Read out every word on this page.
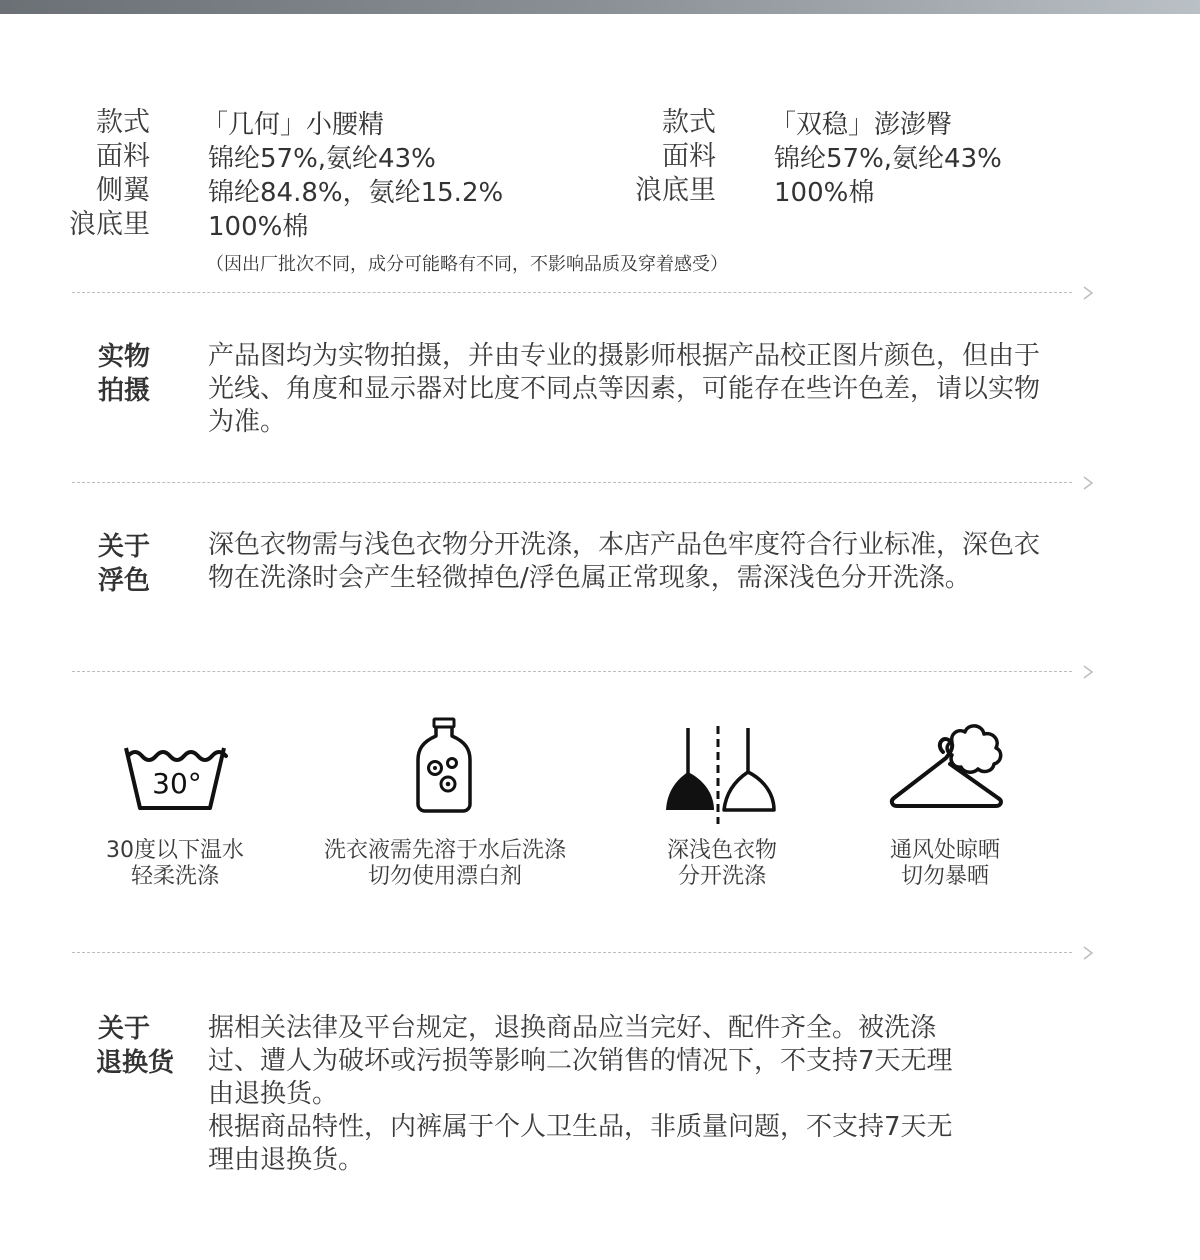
款式
面料
侧翼
浪底里
「几何」小腰精
锦纶57%,氨纶43%
锦纶84.8%，氨纶15.2%
100%棉
款式
面料
浪底里
「双稳」澎澎臀
锦纶57%,氨纶43%
100%棉
（因出厂批次不同，成分可能略有不同，不影响品质及穿着感受）
实物
拍摄
产品图均为实物拍摄，并由专业的摄影师根据产品校正图片颜色，但由于光线、角度和显示器对比度不同点等因素，可能存在些许色差，请以实物为准。
关于
浮色
深色衣物需与浅色衣物分开洗涤，本店产品色牢度符合行业标准，深色衣物在洗涤时会产生轻微掉色/浮色属正常现象，需深浅色分开洗涤。
30°
30度以下温水
轻柔洗涤
洗衣液需先溶于水后洗涤
切勿使用漂白剂
深浅色衣物
分开洗涤
通风处晾晒
切勿暴晒
关于
退换货
据相关法律及平台规定，退换商品应当完好、配件齐全。被洗涤过、遭人为破坏或污损等影响二次销售的情况下，不支持7天无理由退换货。
根据商品特性，内裤属于个人卫生品，非质量问题，不支持7天无理由退换货。
